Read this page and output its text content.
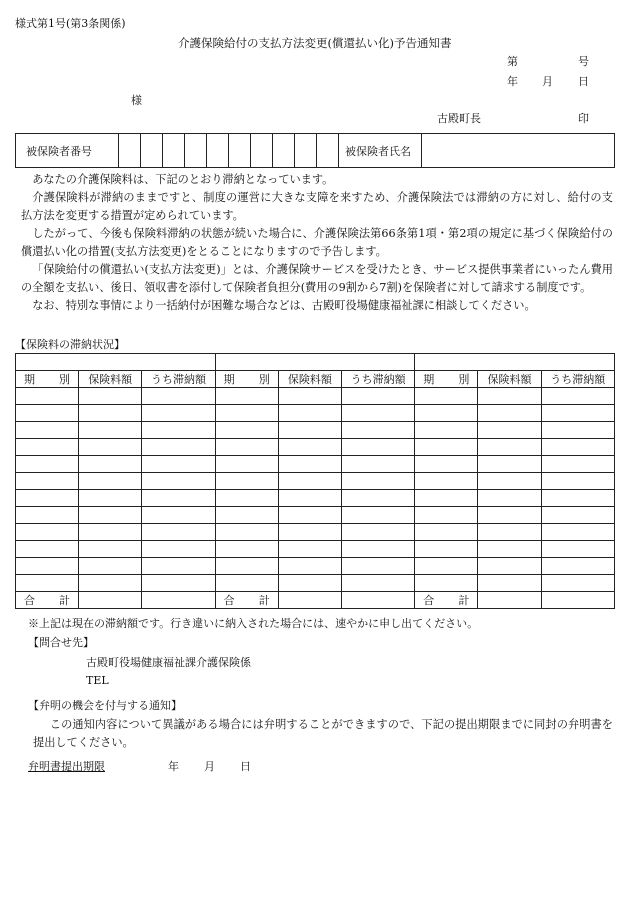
様式第1号(第3条関係)
介護保険給付の支払方法変更(償還払い化)予告通知書
第	号
年 月 日
様
古殿町長	印
被保険者番号											被保険者氏名	

あなたの介護保険料は、下記のとおり滞納となっています。

介護保険料が滞納のままですと、制度の運営に大きな支障を来すため、介護保険法では滞納の方に対し、給付の支払方法を変更する措置が定められています。

したがって、今後も保険料滞納の状態が続いた場合に、介護保険法第66条第1項・第2項の規定に基づく保険給付の償還払い化の措置(支払方法変更)をとることになりますので予告します。

「保険給付の償還払い(支払方法変更)」とは、介護保険サービスを受けたとき、サービス提供事業者にいったん費用の全額を支払い、後日、領収書を添付して保険者負担分(費用の9割から7割)を保険者に対して請求する制度です。

なお、特別な事情により一括納付が困難な場合などは、古殿町役場健康福祉課に相談してください。

【保険料の滞納状況】

期 別	保険料額	うち滞納額	期 別	保険料額	うち滞納額	期 別	保険料額	うち滞納額

合 計			合 計			合 計		

※上記は現在の滞納額です。行き違いに納入された場合には、速やかに申し出てください。
【問合せ先】
古殿町役場健康福祉課介護保険係
TEL
【弁明の機会を付与する通知】

この通知内容について異議がある場合には弁明することができますので、下記の提出期限までに同封の弁明書を提出してください。

弁明書提出期限	年 月 日
